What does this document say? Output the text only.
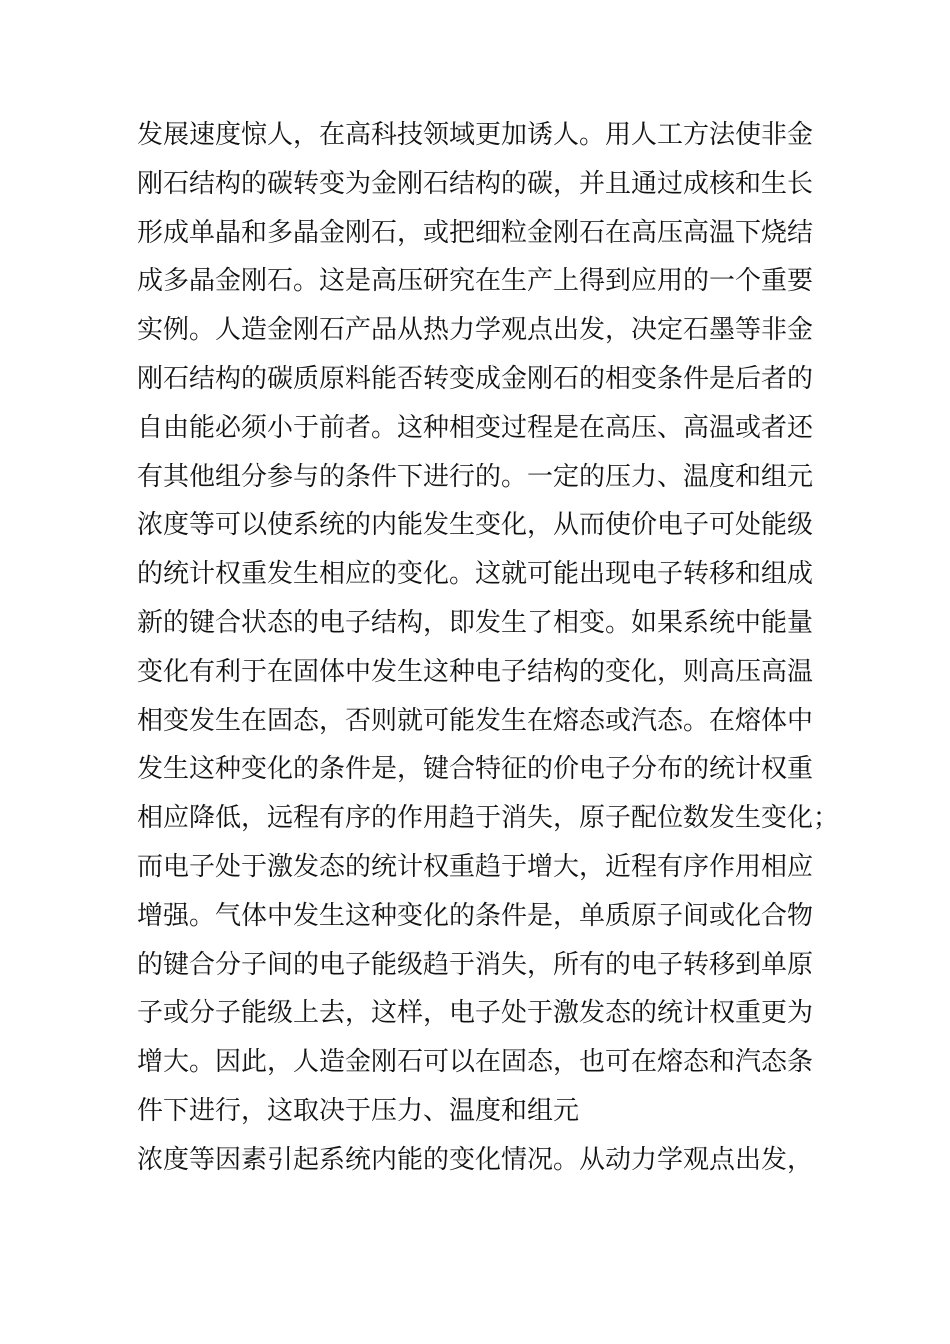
发展速度惊人，在高科技领域更加诱人。用人工方法使非金
刚石结构的碳转变为金刚石结构的碳，并且通过成核和生长
形成单晶和多晶金刚石，或把细粒金刚石在高压高温下烧结
成多晶金刚石。这是高压研究在生产上得到应用的一个重要
实例。人造金刚石产品从热力学观点出发，决定石墨等非金
刚石结构的碳质原料能否转变成金刚石的相变条件是后者的
自由能必须小于前者。这种相变过程是在高压、高温或者还
有其他组分参与的条件下进行的。一定的压力、温度和组元
浓度等可以使系统的内能发生变化，从而使价电子可处能级
的统计权重发生相应的变化。这就可能出现电子转移和组成
新的键合状态的电子结构，即发生了相变。如果系统中能量
变化有利于在固体中发生这种电子结构的变化，则高压高温
相变发生在固态，否则就可能发生在熔态或汽态。在熔体中
发生这种变化的条件是，键合特征的价电子分布的统计权重
相应降低，远程有序的作用趋于消失，原子配位数发生变化；
而电子处于激发态的统计权重趋于增大，近程有序作用相应
增强。气体中发生这种变化的条件是，单质原子间或化合物
的键合分子间的电子能级趋于消失，所有的电子转移到单原
子或分子能级上去，这样，电子处于激发态的统计权重更为
增大。因此，人造金刚石可以在固态，也可在熔态和汽态条
件下进行，这取决于压力、温度和组元
浓度等因素引起系统内能的变化情况。从动力学观点出发，
